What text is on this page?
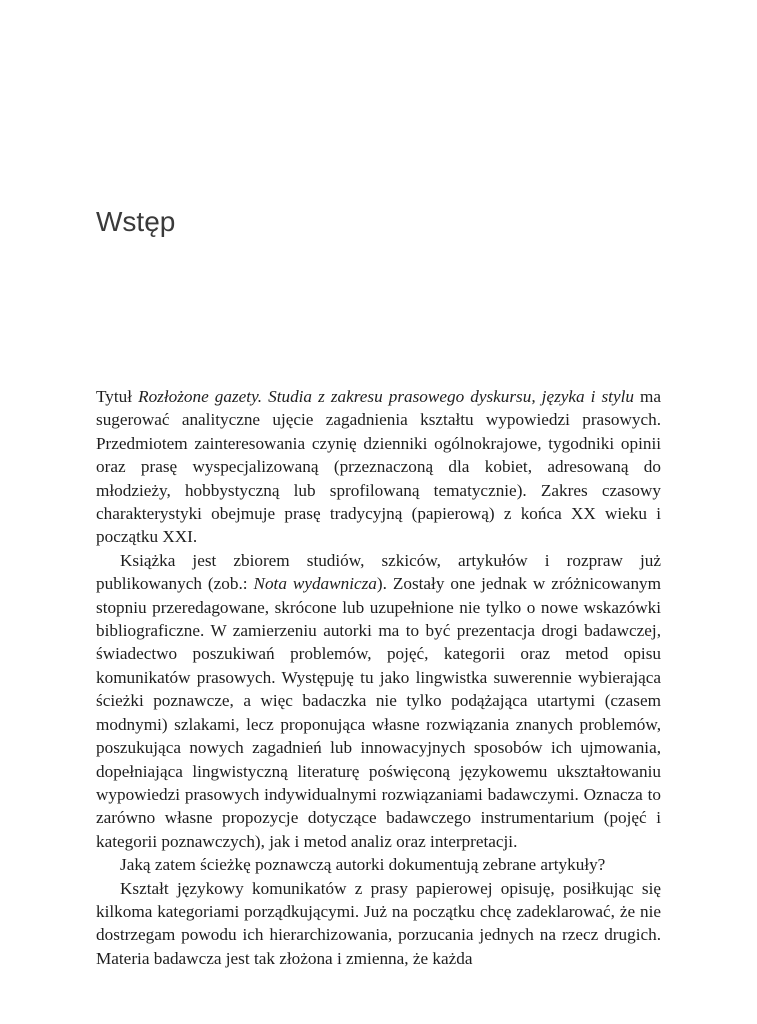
Wstęp

Tytuł Rozłożone gazety. Studia z zakresu prasowego dyskursu, języka i stylu ma sugerować analityczne ujęcie zagadnienia kształtu wypowiedzi prasowych. Przedmiotem zainteresowania czynię dzienniki ogólnokrajowe, tygodniki opinii oraz prasę wyspecjalizowaną (przeznaczoną dla kobiet, adresowaną do młodzieży, hobbystyczną lub sprofilowaną tematycznie). Zakres czasowy charakterystyki obejmuje prasę tradycyjną (papierową) z końca XX wieku i początku XXI.

Książka jest zbiorem studiów, szkiców, artykułów i rozpraw już publikowanych (zob.: Nota wydawnicza). Zostały one jednak w zróżnicowanym stopniu przeredagowane, skrócone lub uzupełnione nie tylko o nowe wskazówki bibliograficzne. W zamierzeniu autorki ma to być prezentacja drogi badawczej, świadectwo poszukiwań problemów, pojęć, kategorii oraz metod opisu komunikatów prasowych. Występuję tu jako lingwistka suwerennie wybierająca ścieżki poznawcze, a więc badaczka nie tylko podążająca utartymi (czasem modnymi) szlakami, lecz proponująca własne rozwiązania znanych problemów, poszukująca nowych zagadnień lub innowacyjnych sposobów ich ujmowania, dopełniająca lingwistyczną literaturę poświęconą językowemu ukształtowaniu wypowiedzi prasowych indywidualnymi rozwiązaniami badawczymi. Oznacza to zarówno własne propozycje dotyczące badawczego instrumentarium (pojęć i kategorii poznawczych), jak i metod analiz oraz interpretacji.

Jaką zatem ścieżkę poznawczą autorki dokumentują zebrane artykuły?

Kształt językowy komunikatów z prasy papierowej opisuję, posiłkując się kilkoma kategoriami porządkującymi. Już na początku chcę zadeklarować, że nie dostrzegam powodu ich hierarchizowania, porzucania jednych na rzecz drugich. Materia badawcza jest tak złożona i zmienna, że każda
